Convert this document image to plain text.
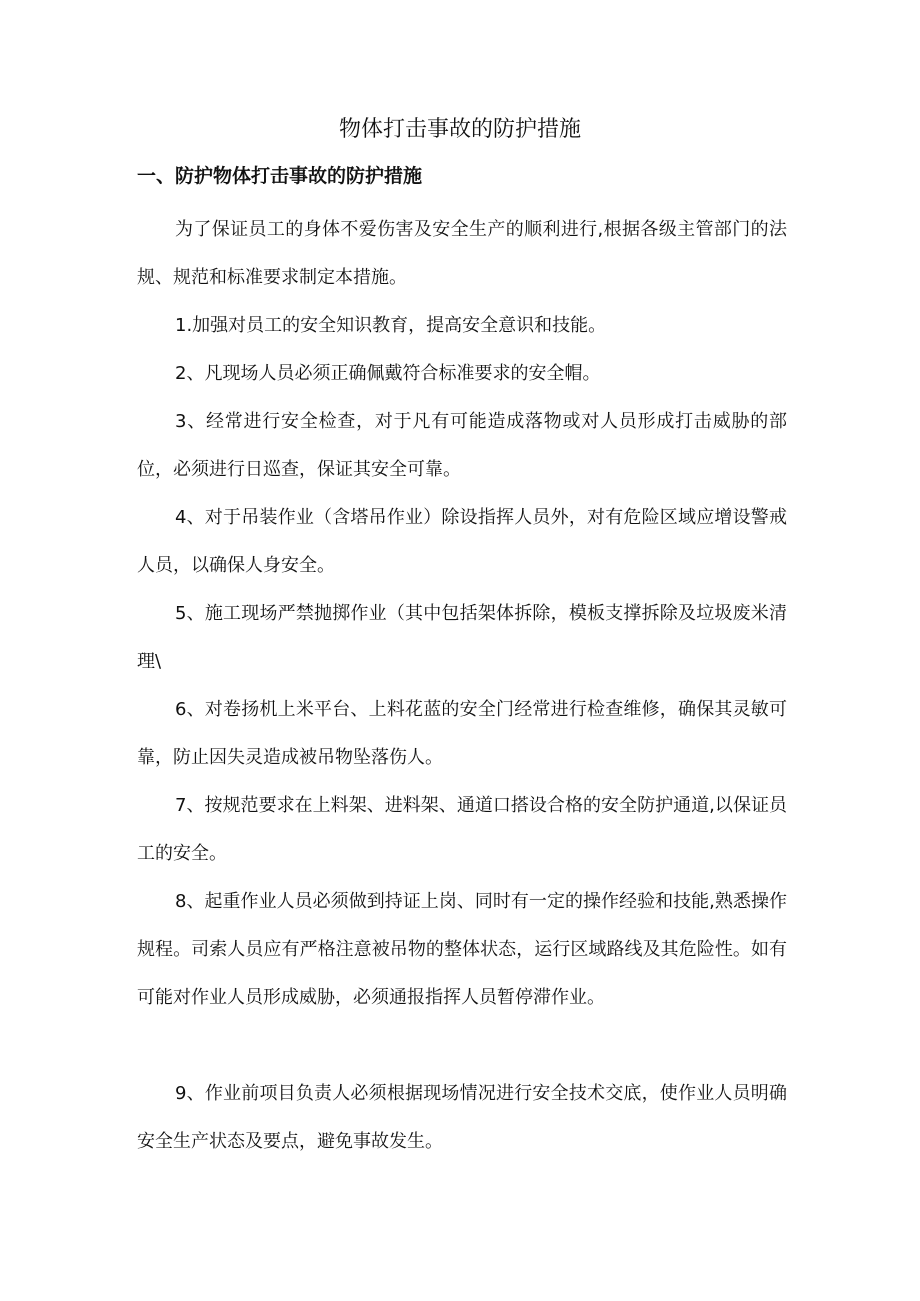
物体打击事故的防护措施
一、防护物体打击事故的防护措施

为了保证员工的身体不爱伤害及安全生产的顺利进行,根据各级主管部门的法规、规范和标准要求制定本措施。

1.加强对员工的安全知识教育，提高安全意识和技能。

2、凡现场人员必须正确佩戴符合标准要求的安全帽。

3、经常进行安全检查，对于凡有可能造成落物或对人员形成打击威胁的部位，必须进行日巡查，保证其安全可靠。

4、对于吊装作业（含塔吊作业）除设指挥人员外，对有危险区域应增设警戒人员，以确保人身安全。

5、施工现场严禁抛掷作业（其中包括架体拆除，模板支撑拆除及垃圾废米清理\

6、对卷扬机上米平台、上料花蓝的安全门经常进行检查维修，确保其灵敏可靠，防止因失灵造成被吊物坠落伤人。

7、按规范要求在上料架、进料架、通道口搭设合格的安全防护通道,以保证员工的安全。

8、起重作业人员必须做到持证上岗、同时有一定的操作经验和技能,熟悉操作规程。司索人员应有严格注意被吊物的整体状态，运行区域路线及其危险性。如有可能对作业人员形成威胁，必须通报指挥人员暂停滞作业。

9、作业前项目负责人必须根据现场情况进行安全技术交底，使作业人员明确安全生产状态及要点，避免事故发生。
